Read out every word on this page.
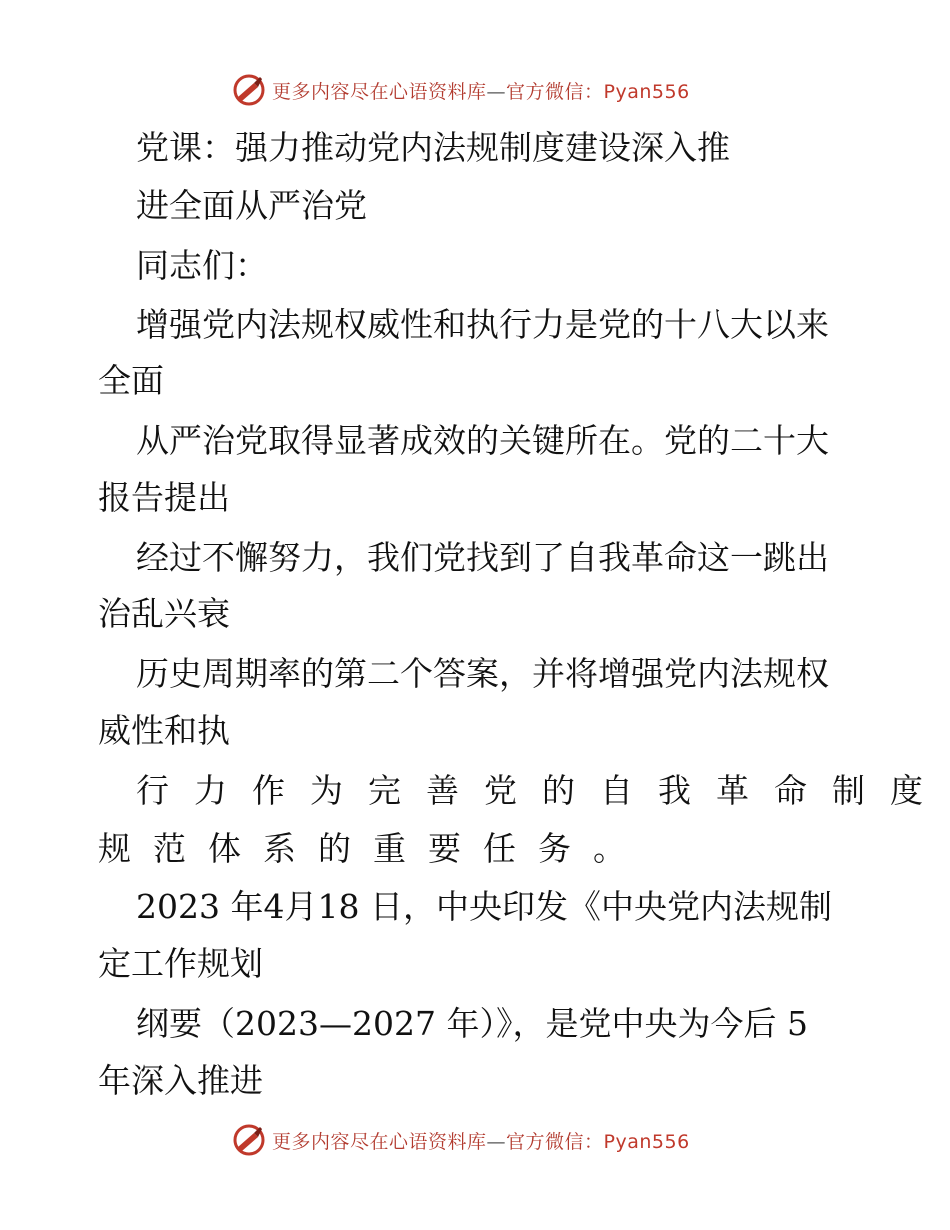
更多内容尽在心语资料库—官方微信：Pyan556
党课：强力推动党内法规制度建设深入推
进全面从严治党
同志们：
增强党内法规权威性和执行力是党的十八大以来
全面
从严治党取得显著成效的关键所在。党的二十大
报告提出
经过不懈努力，我们党找到了自我革命这一跳出
治乱兴衰
历史周期率的第二个答案，并将增强党内法规权
威性和执
行力作为完善党的自我革命制度
规范体系的重要任务。
2023 年4月18 日，中央印发《中央党内法规制
定工作规划
纲要（2023—2027 年）》，是党中央为今后 5
年深入推进
更多内容尽在心语资料库—官方微信：Pyan556
